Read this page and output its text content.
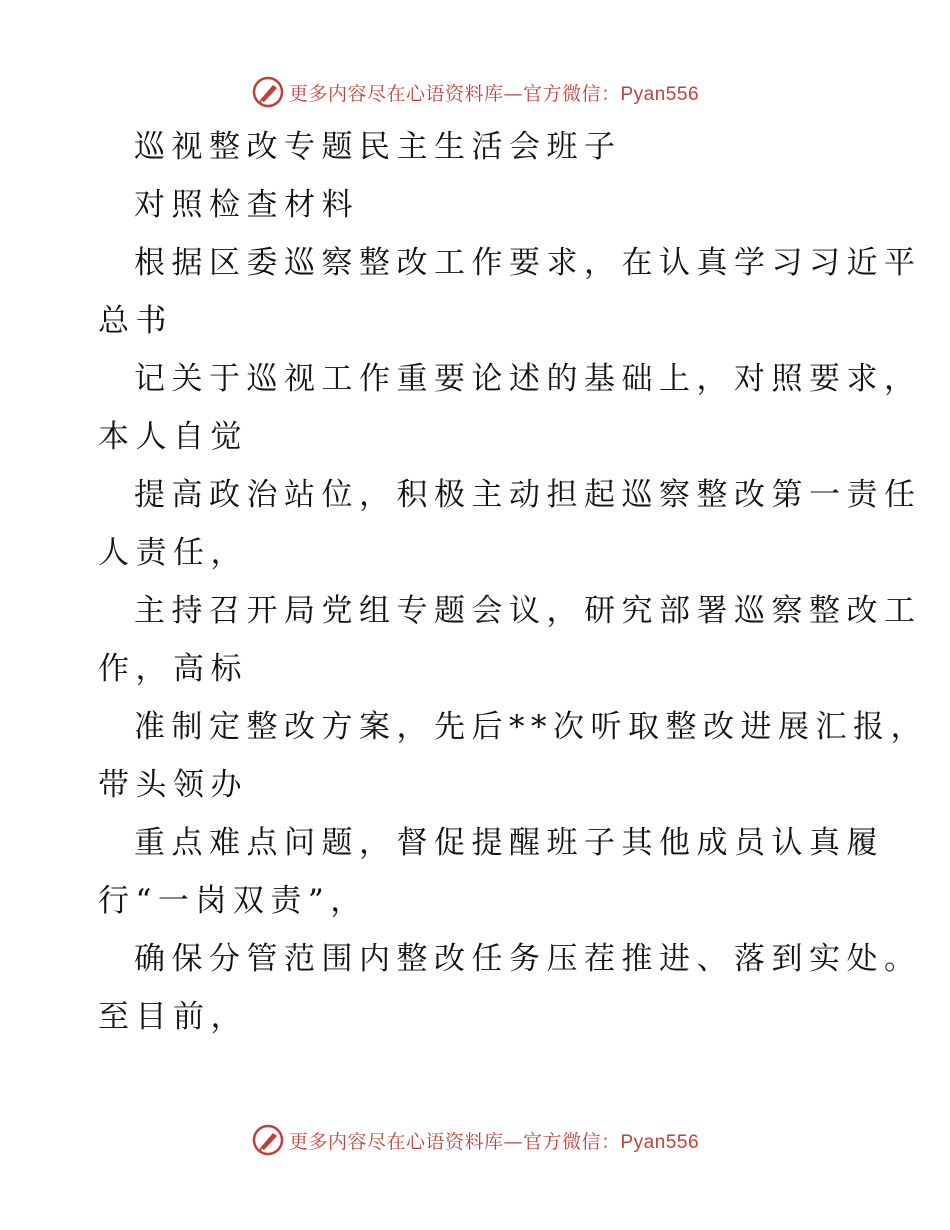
更多内容尽在心语资料库—官方微信：Pyan556
巡视整改专题民主生活会班子
对照检查材料
根据区委巡察整改工作要求，在认真学习习近平
总书
记关于巡视工作重要论述的基础上，对照要求，
本人自觉
提高政治站位，积极主动担起巡察整改第一责任
人责任，
主持召开局党组专题会议，研究部署巡察整改工
作，高标
准制定整改方案，先后**次听取整改进展汇报，
带头领办
重点难点问题，督促提醒班子其他成员认真履
行“一岗双责”，
确保分管范围内整改任务压茬推进、落到实处。
至目前，
更多内容尽在心语资料库—官方微信：Pyan556
